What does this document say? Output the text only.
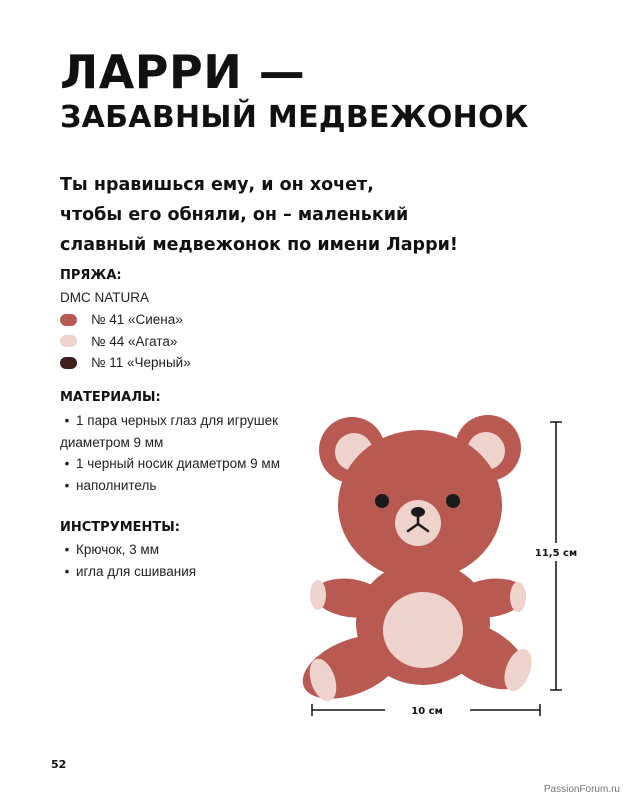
ЛАРРИ —
ЗАБАВНЫЙ МЕДВЕЖОНОК
Ты нравишься ему, и он хочет,
чтобы его обняли, он – маленький
славный медвежонок по имени Ларри!
ПРЯЖА:
DMC NATURA
№ 41 «Сиена»
№ 44 «Агата»
№ 11 «Черный»
МАТЕРИАЛЫ:
• 1 пара черных глаз для игрушек диаметром 9 мм
• 1 черный носик диаметром 9 мм
• наполнитель
ИНСТРУМЕНТЫ:
• Крючок, 3 мм
• игла для сшивания
11,5 см
10 см
52
PassionForum.ru
